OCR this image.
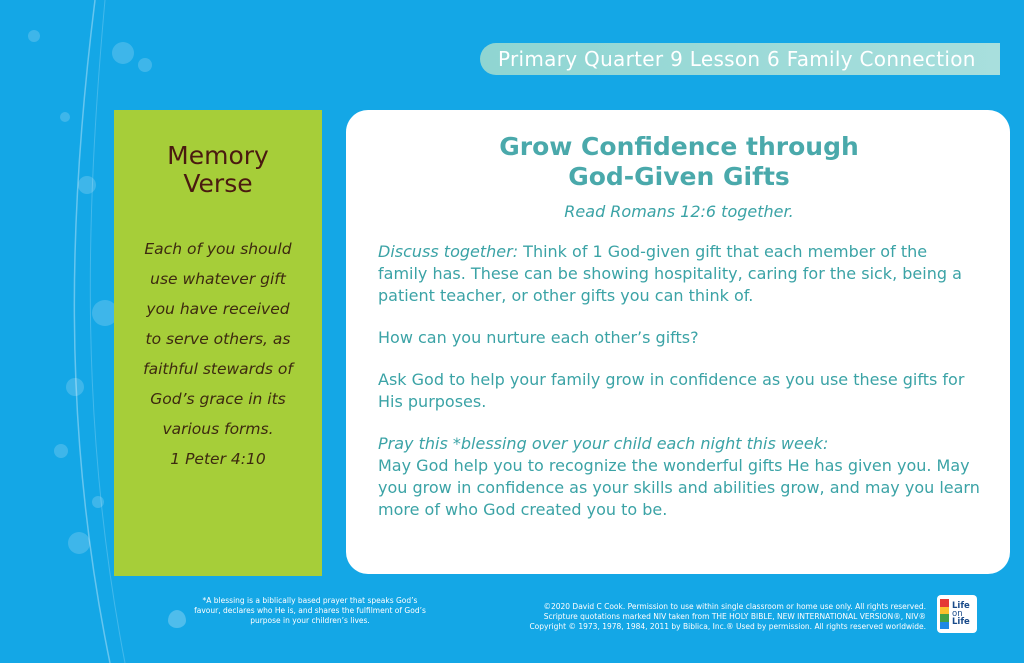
Primary Quarter 9 Lesson 6 Family Connection
Memory
Verse
Each of you should
use whatever gift
you have received
to serve others, as
faithful stewards of
God’s grace in its
various forms.
1 Peter 4:10
Grow Confidence through
God-Given Gifts
Read Romans 12:6 together.

Discuss together: Think of 1 God-given gift that each member of the family has. These can be showing hospitality, caring for the sick, being a patient teacher, or other gifts you can think of.

How can you nurture each other’s gifts?

Ask God to help your family grow in confidence as you use these gifts for His purposes.

Pray this *blessing over your child each night this week:
May God help you to recognize the wonderful gifts He has given you. May you grow in confidence as your skills and abilities grow, and may you learn more of who God created you to be.

*A blessing is a biblically based prayer that speaks God’s favour, declares who He is, and shares the fulfilment of God’s purpose in your children’s lives.
©2020 David C Cook. Permission to use within single classroom or home use only. All rights reserved.
Scripture quotations marked NIV taken from THE HOLY BIBLE, NEW INTERNATIONAL VERSION®, NIV®
Copyright © 1973, 1978, 1984, 2011 by Biblica, Inc.® Used by permission. All rights reserved worldwide.
Life
on
Life
